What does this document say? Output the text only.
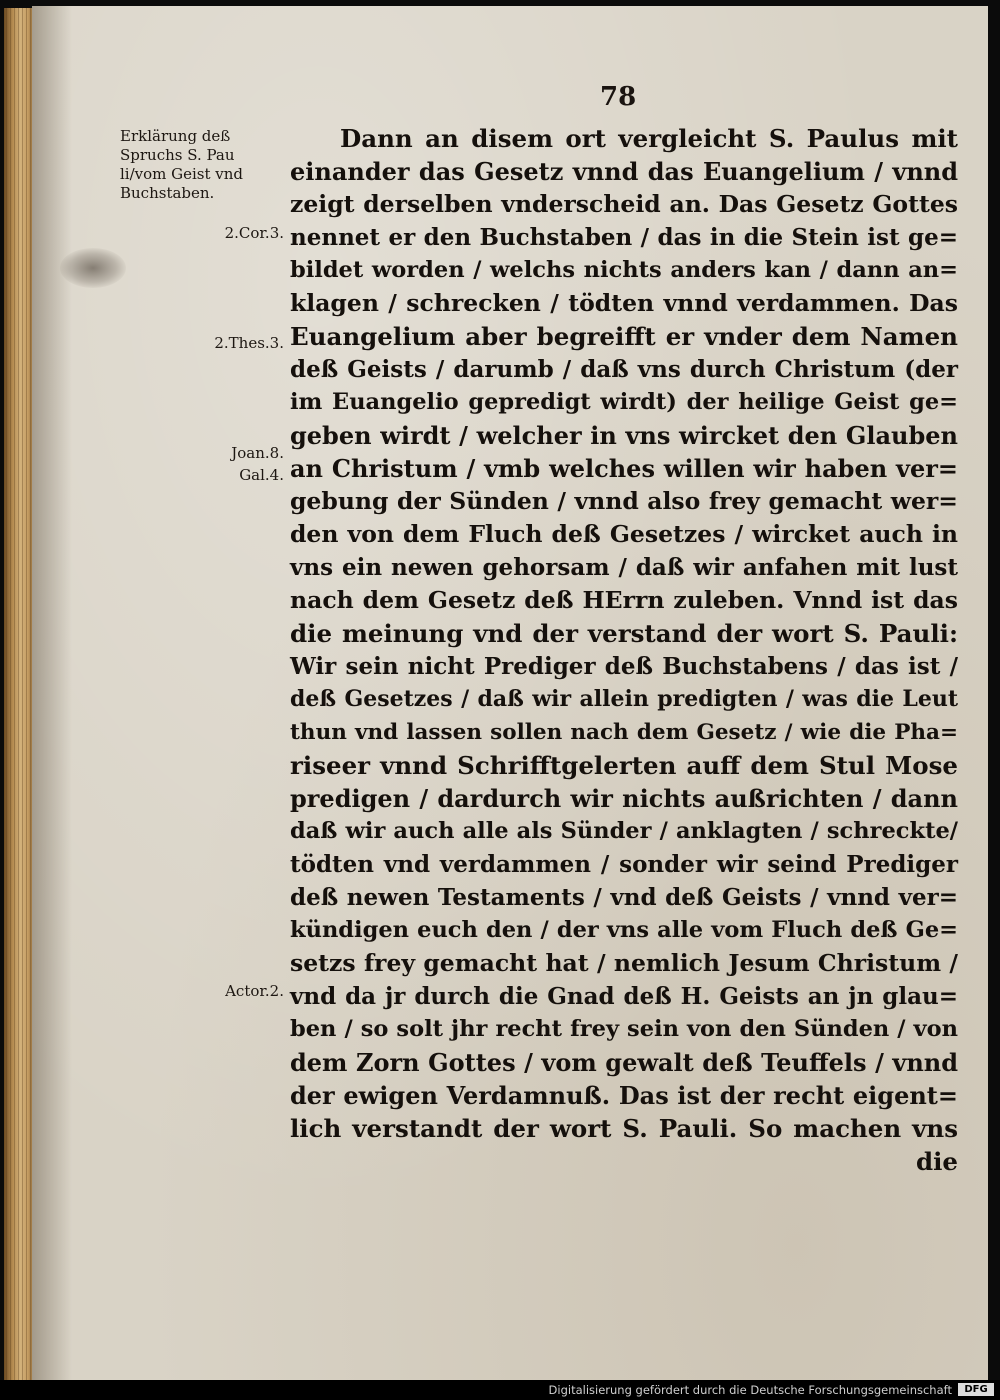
78
Erklärung deß
Spruchs S. Pau
li/vom Geist vnd
Buchstaben.
2.Cor.3.
2.Thes.3.
Joan.8.
Gal.4.
Actor.2.
Dann an disem ort vergleicht S. Paulus mit
einander das Gesetz vnnd das Euangelium / vnnd
zeigt derselben vnderscheid an. Das Gesetz Gottes
nennet er den Buchstaben / das in die Stein ist ge=
bildet worden / welchs nichts anders kan / dann an=
klagen / schrecken / tödten vnnd verdammen. Das
Euangelium aber begreifft er vnder dem Namen
deß Geists / darumb / daß vns durch Christum (der
im Euangelio gepredigt wirdt) der heilige Geist ge=
geben wirdt / welcher in vns wircket den Glauben
an Christum / vmb welches willen wir haben ver=
gebung der Sünden / vnnd also frey gemacht wer=
den von dem Fluch deß Gesetzes / wircket auch in
vns ein newen gehorsam / daß wir anfahen mit lust
nach dem Gesetz deß HErrn zuleben. Vnnd ist das
die meinung vnd der verstand der wort S. Pauli:
Wir sein nicht Prediger deß Buchstabens / das ist /
deß Gesetzes / daß wir allein predigten / was die Leut
thun vnd lassen sollen nach dem Gesetz / wie die Pha=
riseer vnnd Schrifftgelerten auff dem Stul Mose
predigen / dardurch wir nichts außrichten / dann
daß wir auch alle als Sünder / anklagten / schreckte/
tödten vnd verdammen / sonder wir seind Prediger
deß newen Testaments / vnd deß Geists / vnnd ver=
kündigen euch den / der vns alle vom Fluch deß Ge=
setzs frey gemacht hat / nemlich Jesum Christum /
vnd da jr durch die Gnad deß H. Geists an jn glau=
ben / so solt jhr recht frey sein von den Sünden / von
dem Zorn Gottes / vom gewalt deß Teuffels / vnnd
der ewigen Verdamnuß. Das ist der recht eigent=
lich verstandt der wort S. Pauli. So machen vns
die
Digitalisierung gefördert durch die Deutsche Forschungsgemeinschaft	DFG
